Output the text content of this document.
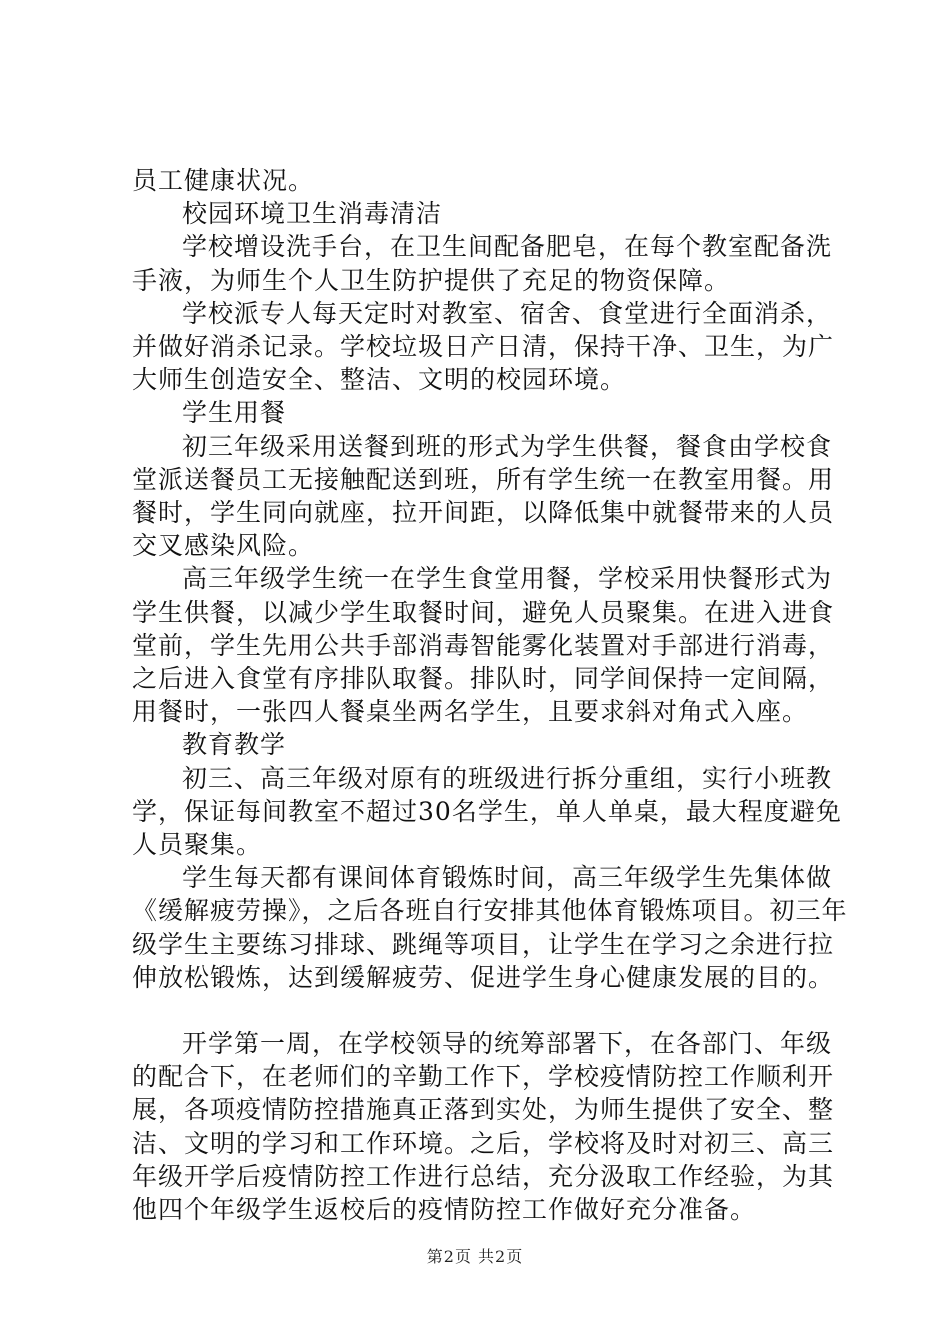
员工健康状况。

校园环境卫生消毒清洁

学校增设洗手台，在卫生间配备肥皂，在每个教室配备洗手液，为师生个人卫生防护提供了充足的物资保障。

学校派专人每天定时对教室、宿舍、食堂进行全面消杀，并做好消杀记录。学校垃圾日产日清，保持干净、卫生，为广大师生创造安全、整洁、文明的校园环境。

学生用餐

初三年级采用送餐到班的形式为学生供餐，餐食由学校食堂派送餐员工无接触配送到班，所有学生统一在教室用餐。用餐时，学生同向就座，拉开间距，以降低集中就餐带来的人员交叉感染风险。

高三年级学生统一在学生食堂用餐，学校采用快餐形式为学生供餐，以减少学生取餐时间，避免人员聚集。在进入进食堂前，学生先用公共手部消毒智能雾化装置对手部进行消毒，之后进入食堂有序排队取餐。排队时，同学间保持一定间隔，用餐时，一张四人餐桌坐两名学生，且要求斜对角式入座。

教育教学

初三、高三年级对原有的班级进行拆分重组，实行小班教学，保证每间教室不超过30名学生，单人单桌，最大程度避免人员聚集。

学生每天都有课间体育锻炼时间，高三年级学生先集体做《缓解疲劳操》，之后各班自行安排其他体育锻炼项目。初三年级学生主要练习排球、跳绳等项目，让学生在学习之余进行拉伸放松锻炼，达到缓解疲劳、促进学生身心健康发展的目的。

开学第一周，在学校领导的统筹部署下，在各部门、年级的配合下，在老师们的辛勤工作下，学校疫情防控工作顺利开展，各项疫情防控措施真正落到实处，为师生提供了安全、整洁、文明的学习和工作环境。之后，学校将及时对初三、高三年级开学后疫情防控工作进行总结，充分汲取工作经验，为其他四个年级学生返校后的疫情防控工作做好充分准备。

第2页 共2页
